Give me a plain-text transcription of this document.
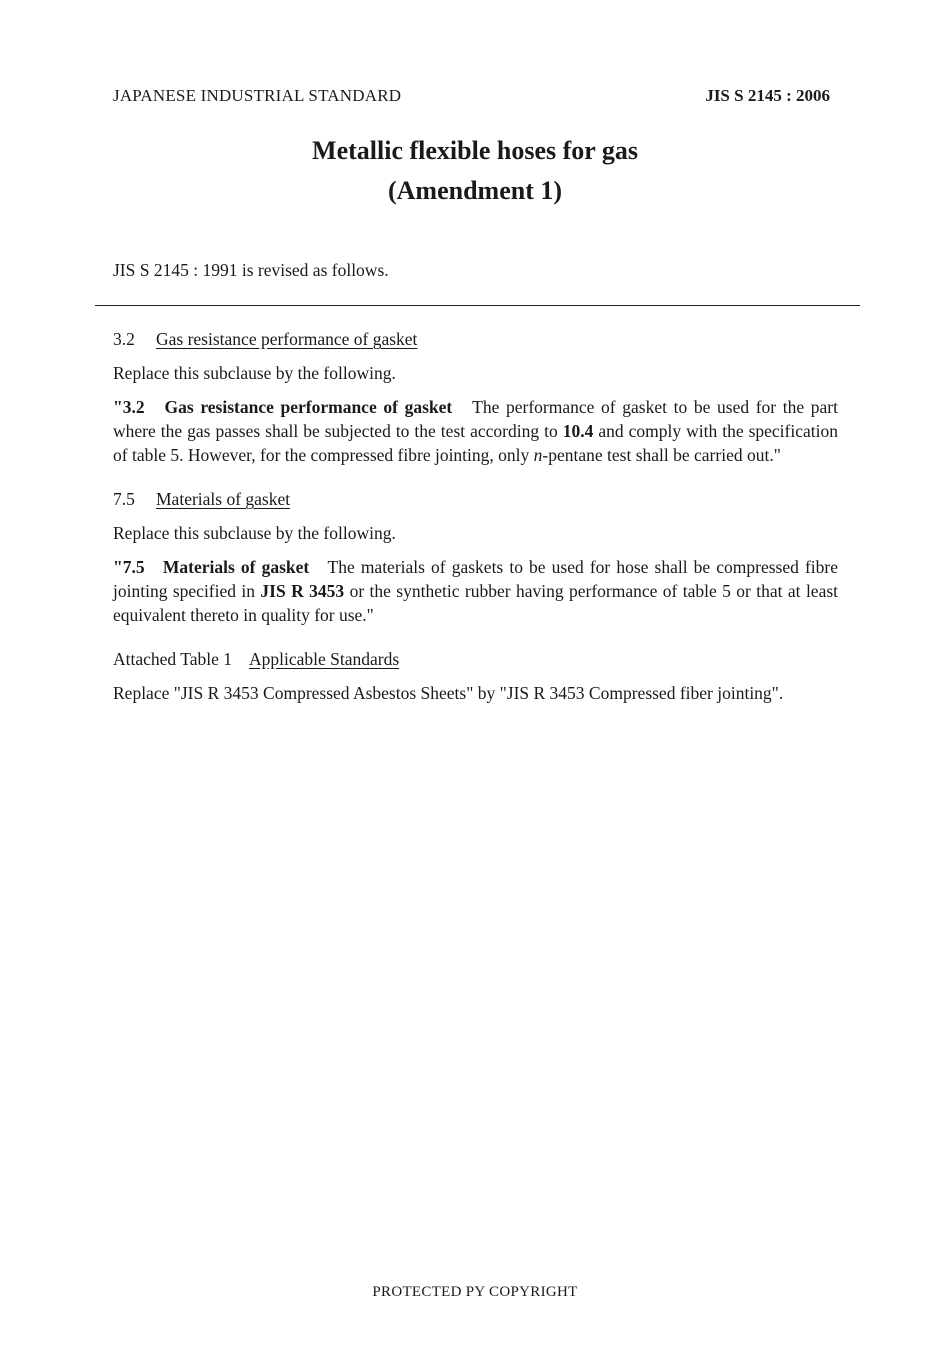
JAPANESE INDUSTRIAL STANDARD	JIS S 2145 : 2006
Metallic flexible hoses for gas
(Amendment 1)
JIS S 2145 : 1991 is revised as follows.

3.2 Gas resistance performance of gasket

Replace this subclause by the following.

"3.2 Gas resistance performance of gasket The performance of gasket to be used for the part where the gas passes shall be subjected to the test according to 10.4 and comply with the specification of table 5. However, for the compressed fibre jointing, only n-pentane test shall be carried out."

7.5 Materials of gasket

Replace this subclause by the following.

"7.5 Materials of gasket The materials of gaskets to be used for hose shall be compressed fibre jointing specified in JIS R 3453 or the synthetic rubber having performance of table 5 or that at least equivalent thereto in quality for use."

Attached Table 1 Applicable Standards

Replace "JIS R 3453 Compressed Asbestos Sheets" by "JIS R 3453 Compressed fiber jointing".

PROTECTED PY COPYRIGHT
